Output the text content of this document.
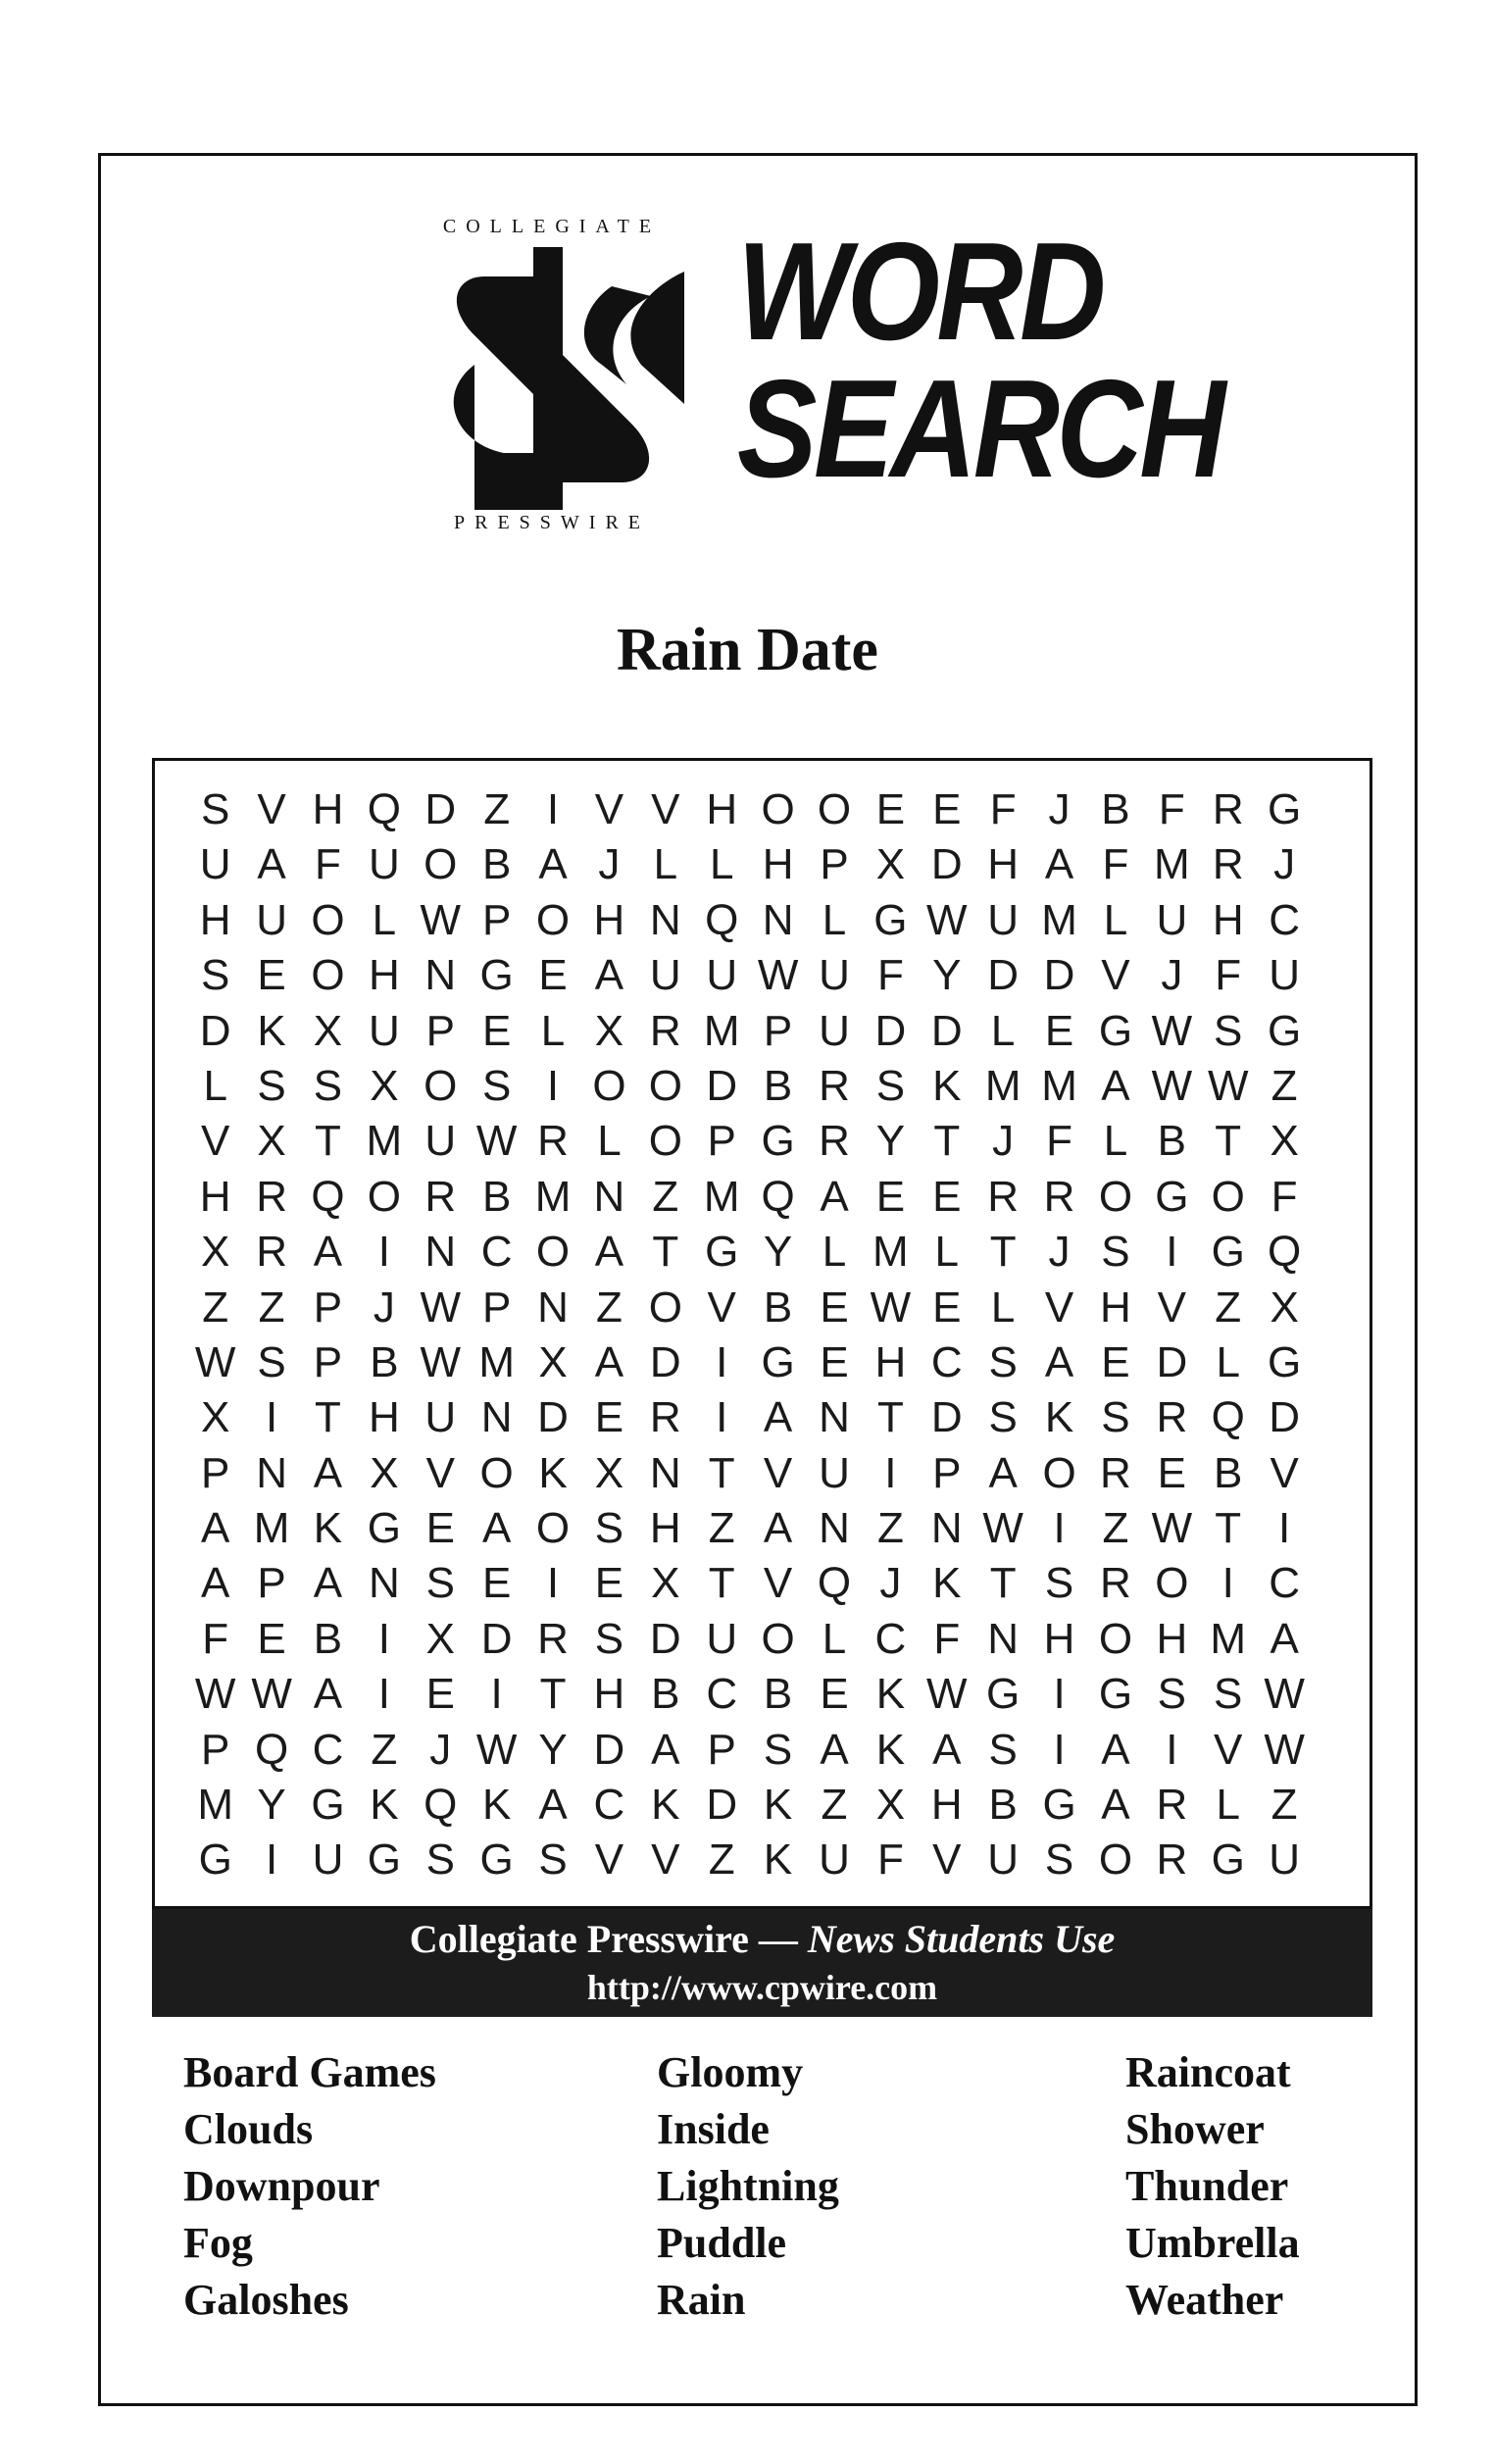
COLLEGIATE
PRESSWIRE
WORD
SEARCH
Rain Date
S V H Q D Z I V V H O O E E F J B F R G
U A F U O B A J L L H P X D H A F M R J
H U O L W P O H N Q N L G W U M L U H C
S E O H N G E A U U W U F Y D D V J F U
D K X U P E L X R M P U D D L E G W S G
L S S X O S I O O D B R S K M M A W W Z
V X T M U W R L O P G R Y T J F L B T X
H R Q O R B M N Z M Q A E E R R O G O F
X R A I N C O A T G Y L M L T J S I G Q
Z Z P J W P N Z O V B E W E L V H V Z X
W S P B W M X A D I G E H C S A E D L G
X I T H U N D E R I A N T D S K S R Q D
P N A X V O K X N T V U I P A O R E B V
A M K G E A O S H Z A N Z N W I Z W T I
A P A N S E I E X T V Q J K T S R O I C
F E B I X D R S D U O L C F N H O H M A
W W A I E I T H B C B E K W G I G S S W
P Q C Z J W Y D A P S A K A S I A I V W
M Y G K Q K A C K D K Z X H B G A R L Z
G I U G S G S V V Z K U F V U S O R G U
Collegiate Presswire — News Students Use
http://www.cpwire.com
Board Games
Clouds
Downpour
Fog
Galoshes
Gloomy
Inside
Lightning
Puddle
Rain
Raincoat
Shower
Thunder
Umbrella
Weather
